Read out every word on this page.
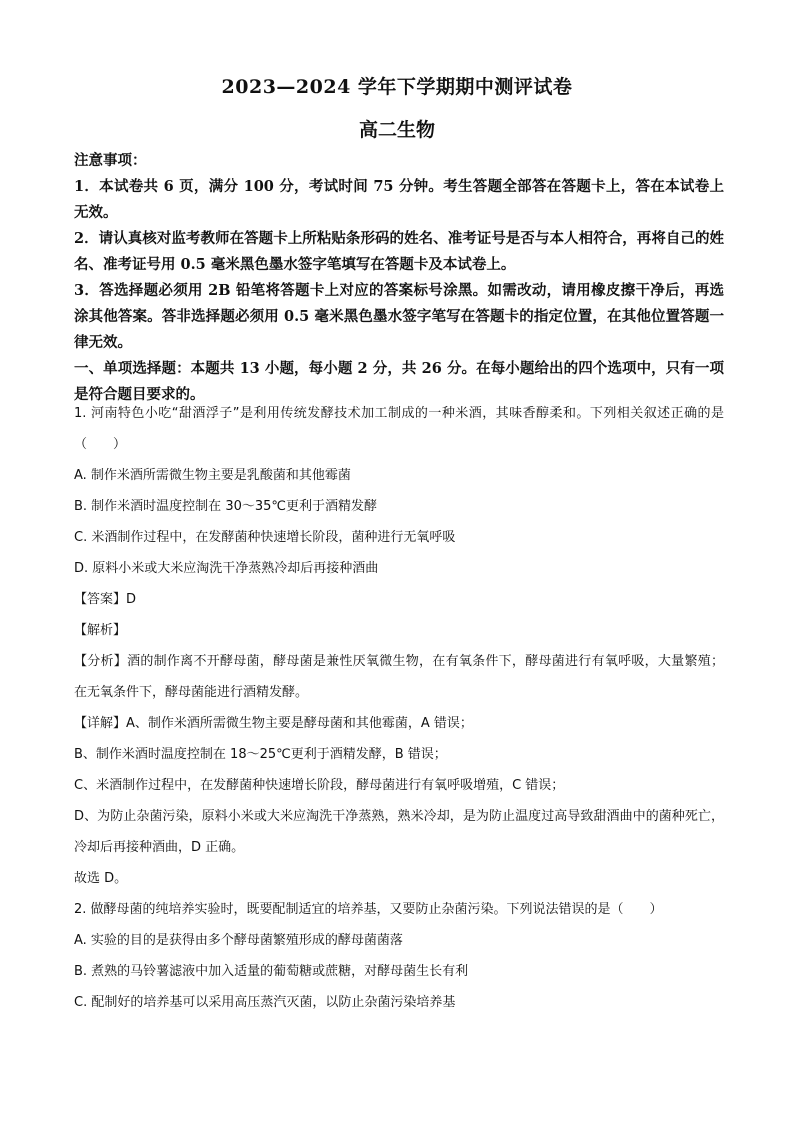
2023—2024 学年下学期期中测评试卷
高二生物

注意事项：

1．本试卷共 6 页，满分 100 分，考试时间 75 分钟。考生答题全部答在答题卡上，答在本试卷上无效。

2．请认真核对监考教师在答题卡上所粘贴条形码的姓名、准考证号是否与本人相符合，再将自己的姓名、准考证号用 0.5 毫米黑色墨水签字笔填写在答题卡及本试卷上。

3．答选择题必须用 2B 铅笔将答题卡上对应的答案标号涂黑。如需改动，请用橡皮擦干净后，再选涂其他答案。答非选择题必须用 0.5 毫米黑色墨水签字笔写在答题卡的指定位置，在其他位置答题一律无效。

一、单项选择题：本题共 13 小题，每小题 2 分，共 26 分。在每小题给出的四个选项中，只有一项是符合题目要求的。

1. 河南特色小吃“甜酒浮子”是利用传统发酵技术加工制成的一种米酒，其味香醇柔和。下列相关叙述正确的是（　　）

A. 制作米酒所需微生物主要是乳酸菌和其他霉菌

B. 制作米酒时温度控制在 30～35℃更利于酒精发酵

C. 米酒制作过程中，在发酵菌种快速增长阶段，菌种进行无氧呼吸

D. 原料小米或大米应淘洗干净蒸熟冷却后再接种酒曲

【答案】D

【解析】

【分析】酒的制作离不开酵母菌，酵母菌是兼性厌氧微生物，在有氧条件下，酵母菌进行有氧呼吸，大量繁殖；在无氧条件下，酵母菌能进行酒精发酵。

【详解】A、制作米酒所需微生物主要是酵母菌和其他霉菌，A 错误；

B、制作米酒时温度控制在 18～25℃更利于酒精发酵，B 错误；

C、米酒制作过程中，在发酵菌种快速增长阶段，酵母菌进行有氧呼吸增殖，C 错误；

D、为防止杂菌污染，原料小米或大米应淘洗干净蒸熟，熟米冷却，是为防止温度过高导致甜酒曲中的菌种死亡，冷却后再接种酒曲，D 正确。

故选 D。

2. 做酵母菌的纯培养实验时，既要配制适宜的培养基，又要防止杂菌污染。下列说法错误的是（　　）

A. 实验的目的是获得由多个酵母菌繁殖形成的酵母菌菌落

B. 煮熟的马铃薯滤液中加入适量的葡萄糖或蔗糖，对酵母菌生长有利

C. 配制好的培养基可以采用高压蒸汽灭菌，以防止杂菌污染培养基
